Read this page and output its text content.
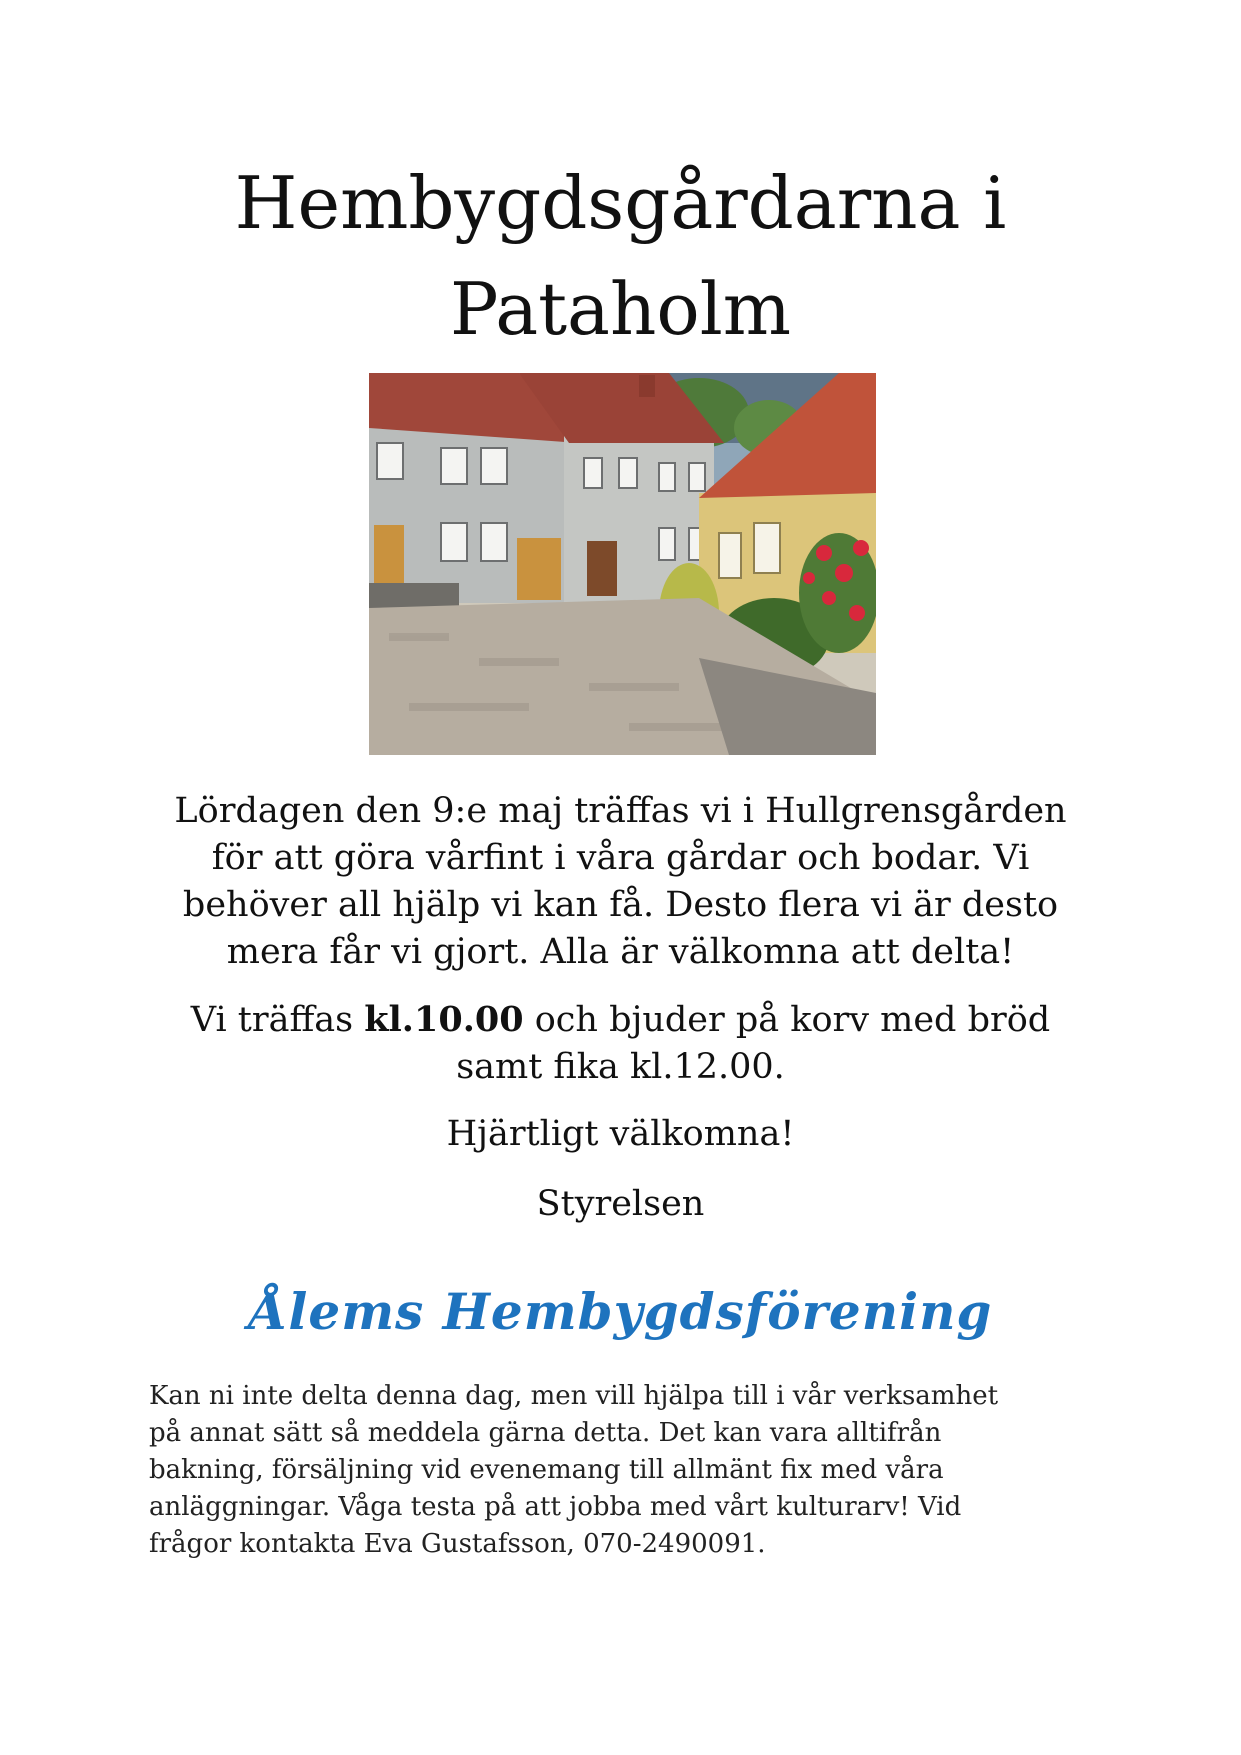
Hembygdsgårdarna i
Pataholm

Lördagen den 9:e maj träffas vi i Hullgrensgården
för att göra vårfint i våra gårdar och bodar. Vi
behöver all hjälp vi kan få. Desto flera vi är desto
mera får vi gjort. Alla är välkomna att delta!

Vi träffas kl.10.00 och bjuder på korv med bröd
samt fika kl.12.00.

Hjärtligt välkomna!

Styrelsen

Ålems Hembygdsförening
Kan ni inte delta denna dag, men vill hjälpa till i vår verksamhet
på annat sätt så meddela gärna detta. Det kan vara alltifrån
bakning, försäljning vid evenemang till allmänt fix med våra
anläggningar. Våga testa på att jobba med vårt kulturarv! Vid
frågor kontakta Eva Gustafsson, 070-2490091.
